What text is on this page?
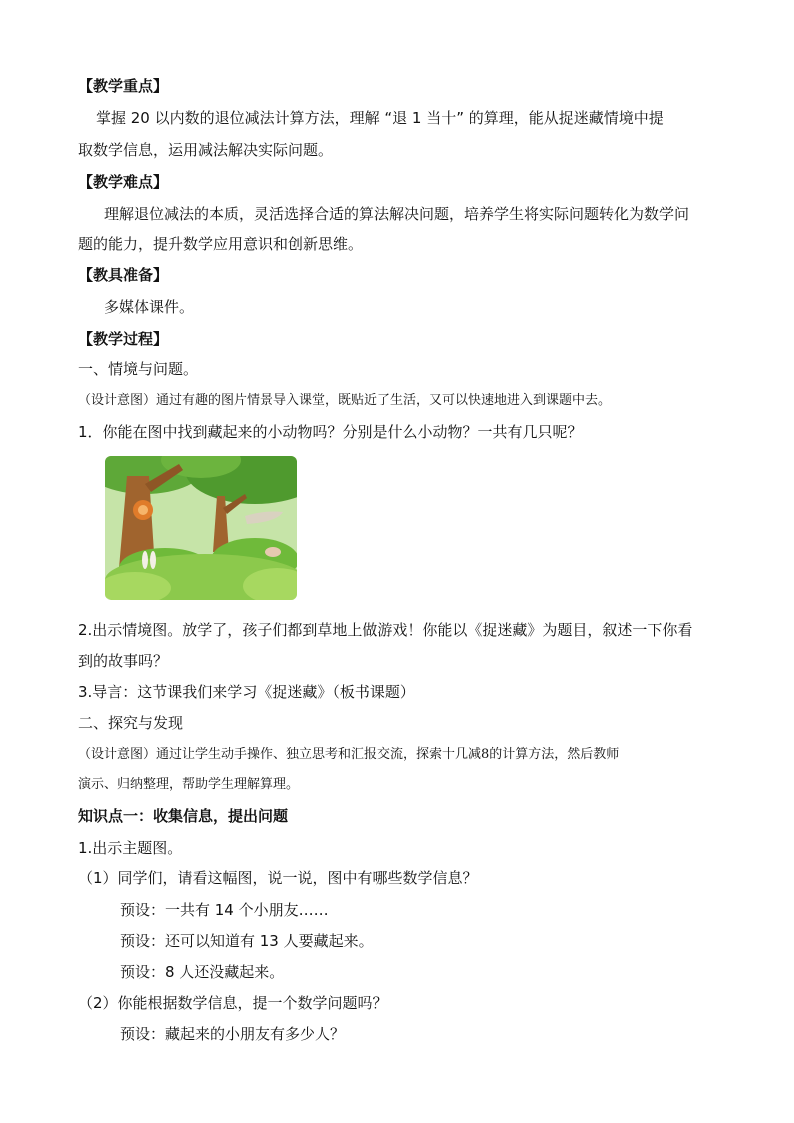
【教学重点】
掌握 20 以内数的退位减法计算方法，理解 “退 1 当十” 的算理，能从捉迷藏情境中提
取数学信息，运用减法解决实际问题。
【教学难点】
理解退位减法的本质，灵活选择合适的算法解决问题，培养学生将实际问题转化为数学问
题的能力，提升数学应用意识和创新思维。
【教具准备】
多媒体课件。
【教学过程】
一、情境与问题。
（设计意图）通过有趣的图片情景导入课堂，既贴近了生活，又可以快速地进入到课题中去。
1．你能在图中找到藏起来的小动物吗？分别是什么小动物？一共有几只呢？
2.出示情境图。放学了，孩子们都到草地上做游戏！你能以《捉迷藏》为题目，叙述一下你看
到的故事吗？
3.导言：这节课我们来学习《捉迷藏》（板书课题）
二、探究与发现
（设计意图）通过让学生动手操作、独立思考和汇报交流，探索十几减8的计算方法，然后教师
演示、归纳整理，帮助学生理解算理。
知识点一：收集信息，提出问题
1.出示主题图。
（1）同学们，请看这幅图，说一说，图中有哪些数学信息？
预设：一共有 14 个小朋友……
预设：还可以知道有 13 人要藏起来。
预设：8 人还没藏起来。
（2）你能根据数学信息，提一个数学问题吗？
预设：藏起来的小朋友有多少人？
